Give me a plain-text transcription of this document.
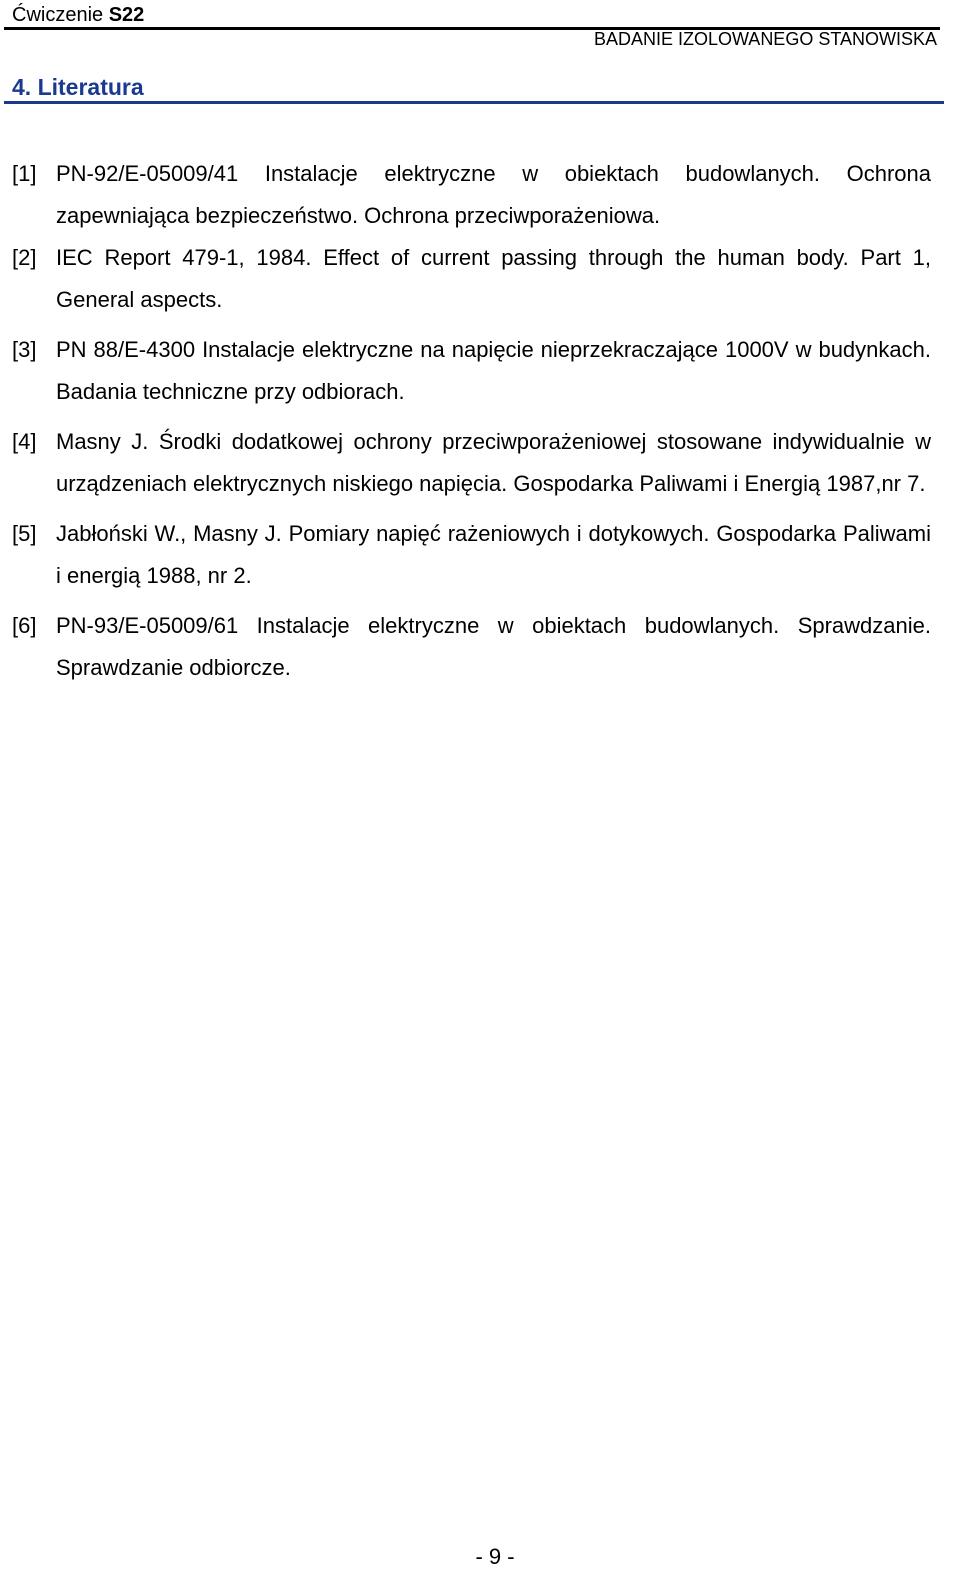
Ćwiczenie S22
BADANIE IZOLOWANEGO STANOWISKA
4. Literatura

[1] PN-92/E-05009/41 Instalacje elektryczne w obiektach budowlanych. Ochrona zapewniająca bezpieczeństwo. Ochrona przeciwporażeniowa.

[2] IEC Report 479-1, 1984. Effect of current passing through the human body. Part 1, General aspects.

[3] PN 88/E-4300 Instalacje elektryczne na napięcie nieprzekraczające 1000V w budynkach. Badania techniczne przy odbiorach.

[4] Masny J. Środki dodatkowej ochrony przeciwporażeniowej stosowane indywidualnie w urządzeniach elektrycznych niskiego napięcia. Gospodarka Paliwami i Energią 1987,nr 7.

[5] Jabłoński W., Masny J. Pomiary napięć rażeniowych i dotykowych. Gospodarka Paliwami i energią 1988, nr 2.

[6] PN-93/E-05009/61 Instalacje elektryczne w obiektach budowlanych. Sprawdzanie. Sprawdzanie odbiorcze.

- 9 -
